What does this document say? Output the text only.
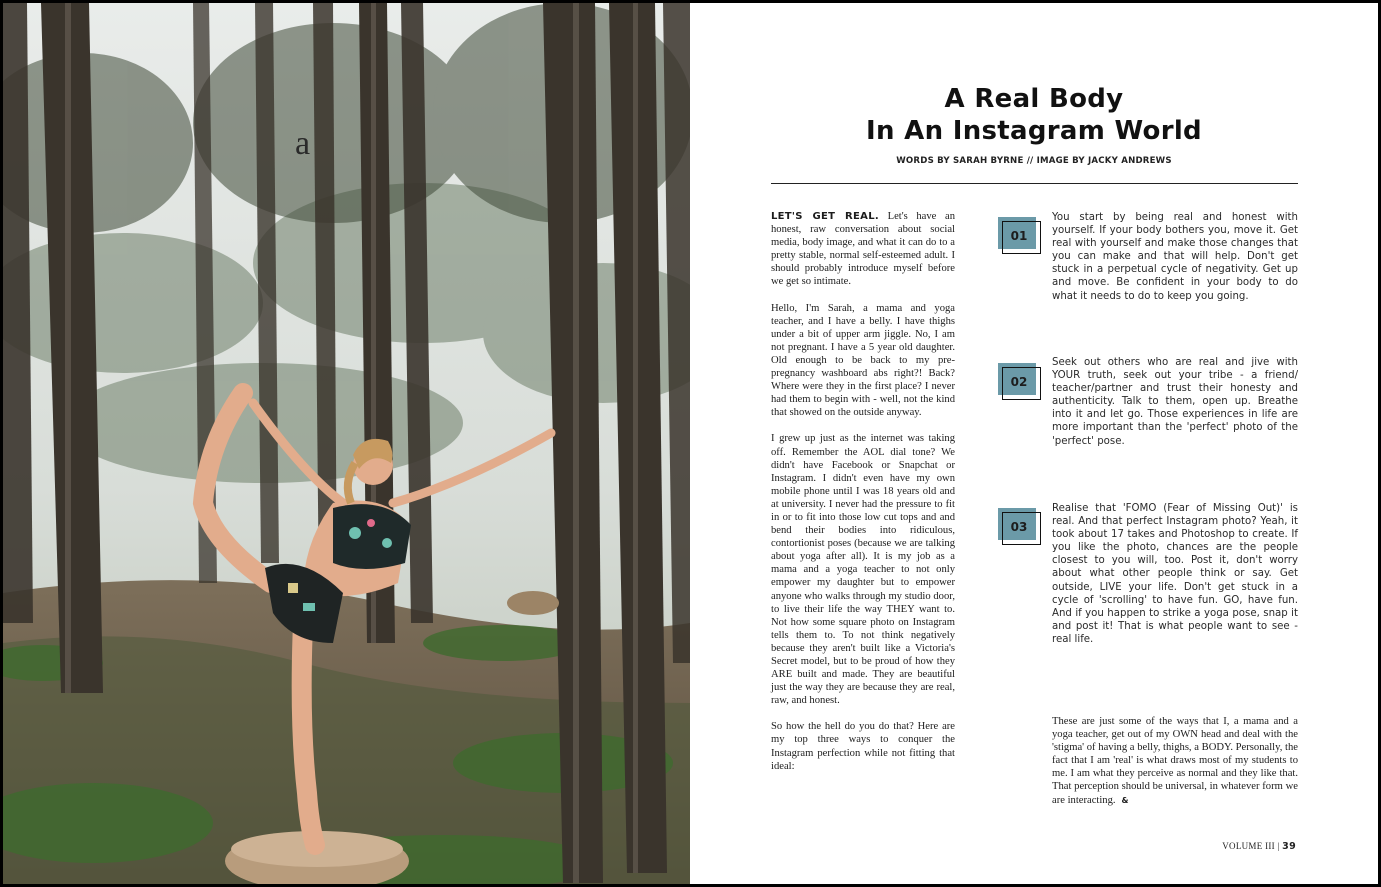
a
A Real Body
In An Instagram World
WORDS BY SARAH BYRNE // IMAGE BY JACKY ANDREWS

LET'S GET REAL. Let's have an honest, raw conversation about social media, body image, and what it can do to a pretty stable, normal self-esteemed adult. I should probably introduce myself before we get so intimate.

Hello, I'm Sarah, a mama and yoga teacher, and I have a belly. I have thighs under a bit of upper arm jiggle. No, I am not pregnant. I have a 5 year old daughter. Old enough to be back to my pre-pregnancy washboard abs right?! Back? Where were they in the first place? I never had them to begin with - well, not the kind that showed on the outside anyway.

I grew up just as the internet was taking off. Remember the AOL dial tone? We didn't have Facebook or Snapchat or Instagram. I didn't even have my own mobile phone until I was 18 years old and at university. I never had the pressure to fit in or to fit into those low cut tops and and bend their bodies into ridiculous, contortionist poses (because we are talking about yoga after all). It is my job as a mama and a yoga teacher to not only empower my daughter but to empower anyone who walks through my studio door, to live their life the way THEY want to. Not how some square photo on Instagram tells them to. To not think negatively because they aren't built like a Victoria's Secret model, but to be proud of how they ARE built and made. They are beautiful just the way they are because they are real, raw, and honest.

So how the hell do you do that? Here are my top three ways to conquer the Instagram perfection while not fitting that ideal:

01
You start by being real and honest with yourself. If your body bothers you, move it. Get real with yourself and make those changes that you can make and that will help. Don't get stuck in a perpetual cycle of negativity. Get up and move. Be confident in your body to do what it needs to do to keep you going.
02
Seek out others who are real and jive with YOUR truth, seek out your tribe - a friend/ teacher/partner and trust their honesty and authenticity. Talk to them, open up. Breathe into it and let go. Those experiences in life are more important than the 'perfect' photo of the 'perfect' pose.
03
Realise that 'FOMO (Fear of Missing Out)' is real. And that perfect Instagram photo? Yeah, it took about 17 takes and Photoshop to create. If you like the photo, chances are the people closest to you will, too. Post it, don't worry about what other people think or say. Get outside, LIVE your life. Don't get stuck in a cycle of 'scrolling' to have fun. GO, have fun. And if you happen to strike a yoga pose, snap it and post it! That is what people want to see - real life.
These are just some of the ways that I, a mama and a yoga teacher, get out of my OWN head and deal with the 'stigma' of having a belly, thighs, a BODY. Personally, the fact that I am 'real' is what draws most of my students to me. I am what they perceive as normal and they like that. That perception should be universal, in whatever form we are interacting. &
VOLUME III | 39
